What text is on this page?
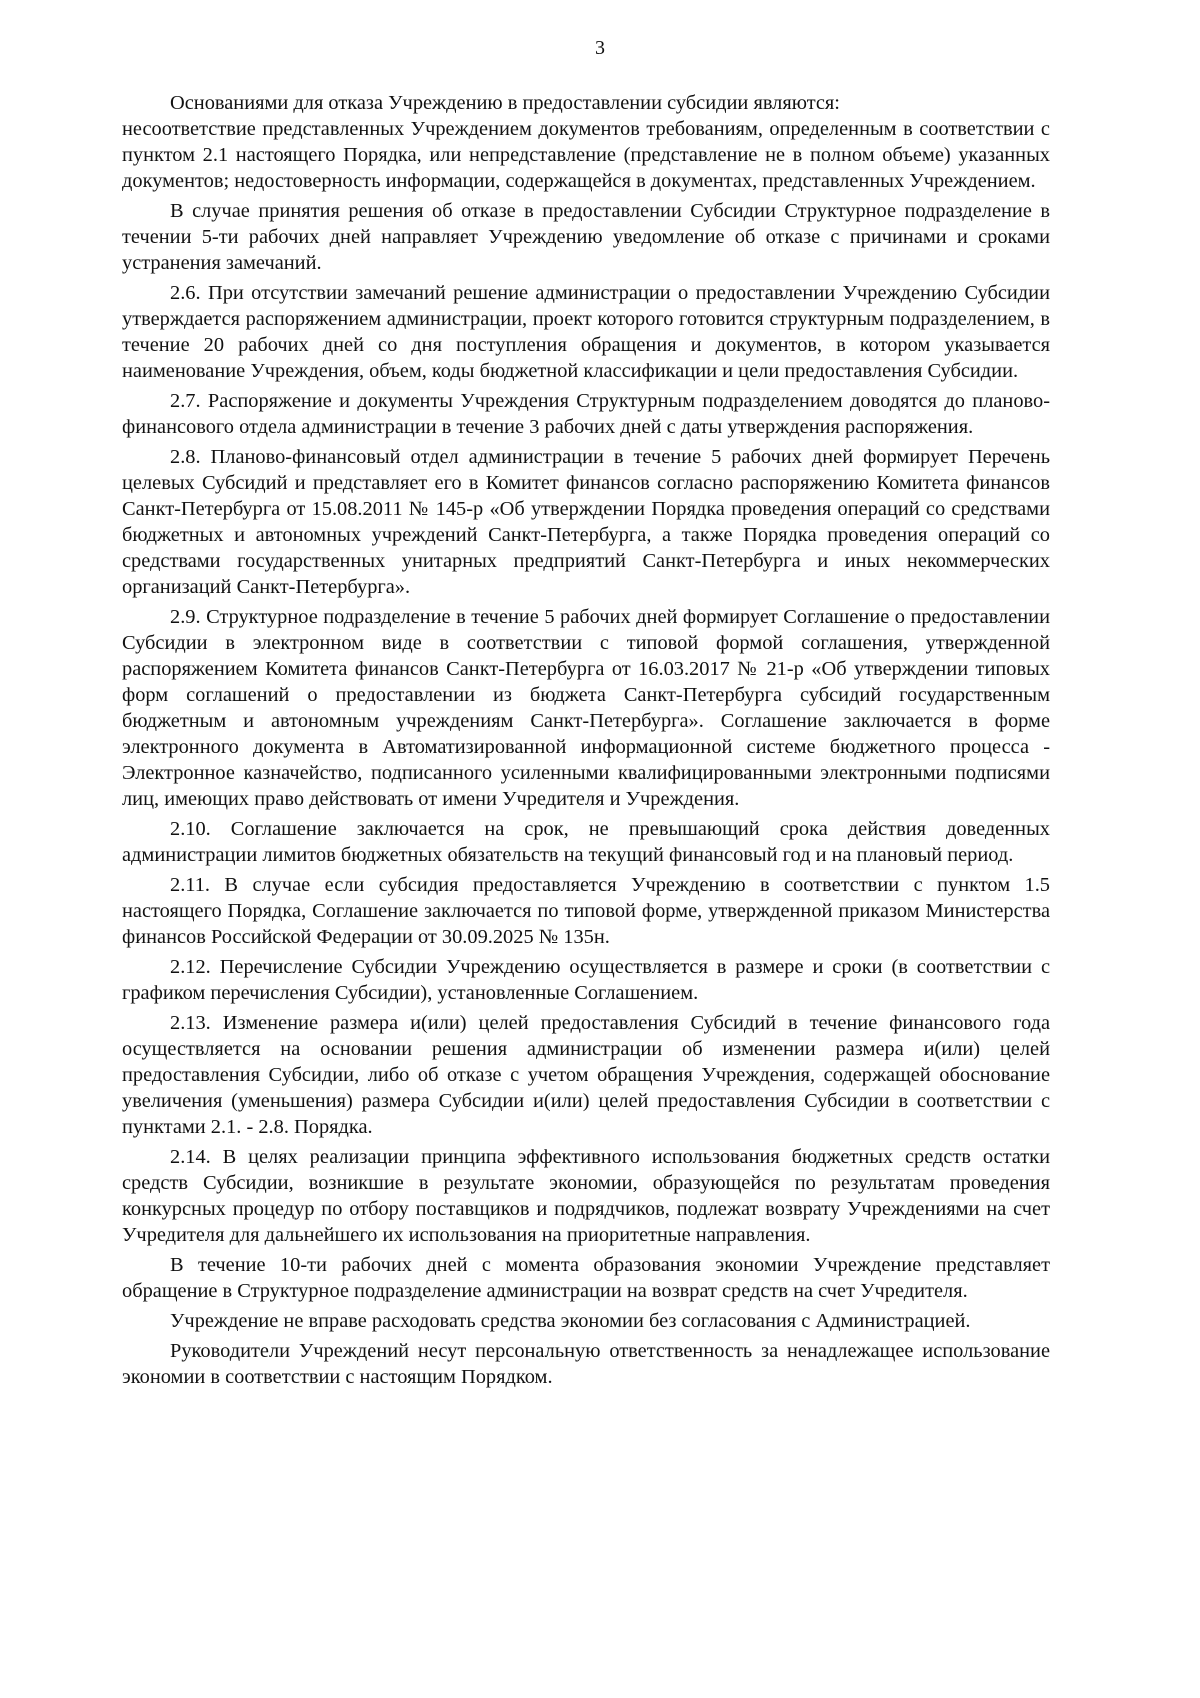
3

Основаниями для отказа Учреждению в предоставлении субсидии являются:

несоответствие представленных Учреждением документов требованиям, определенным в соответствии с пунктом 2.1 настоящего Порядка, или непредставление (представление не в полном объеме) указанных документов; недостоверность информации, содержащейся в документах, представленных Учреждением.

В случае принятия решения об отказе в предоставлении Субсидии Структурное подразделение в течении 5-ти рабочих дней направляет Учреждению уведомление об отказе с причинами и сроками устранения замечаний.

2.6. При отсутствии замечаний решение администрации о предоставлении Учреждению Субсидии утверждается распоряжением администрации, проект которого готовится структурным подразделением, в течение 20 рабочих дней со дня поступления обращения и документов, в котором указывается наименование Учреждения, объем, коды бюджетной классификации и цели предоставления Субсидии.

2.7. Распоряжение и документы Учреждения Структурным подразделением доводятся до планово-финансового отдела администрации в течение 3 рабочих дней с даты утверждения распоряжения.

2.8. Планово-финансовый отдел администрации в течение 5 рабочих дней формирует Перечень целевых Субсидий и представляет его в Комитет финансов согласно распоряжению Комитета финансов Санкт-Петербурга от 15.08.2011 № 145-р «Об утверждении Порядка проведения операций со средствами бюджетных и автономных учреждений Санкт-Петербурга, а также Порядка проведения операций со средствами государственных унитарных предприятий Санкт-Петербурга и иных некоммерческих организаций Санкт-Петербурга».

2.9. Структурное подразделение в течение 5 рабочих дней формирует Соглашение о предоставлении Субсидии в электронном виде в соответствии с типовой формой соглашения, утвержденной распоряжением Комитета финансов Санкт-Петербурга от 16.03.2017 № 21-р «Об утверждении типовых форм соглашений о предоставлении из бюджета Санкт-Петербурга субсидий государственным бюджетным и автономным учреждениям Санкт-Петербурга». Соглашение заключается в форме электронного документа в Автоматизированной информационной системе бюджетного процесса - Электронное казначейство, подписанного усиленными квалифицированными электронными подписями лиц, имеющих право действовать от имени Учредителя и Учреждения.

2.10. Соглашение заключается на срок, не превышающий срока действия доведенных администрации лимитов бюджетных обязательств на текущий финансовый год и на плановый период.

2.11. В случае если субсидия предоставляется Учреждению в соответствии с пунктом 1.5 настоящего Порядка, Соглашение заключается по типовой форме, утвержденной приказом Министерства финансов Российской Федерации от 30.09.2025 № 135н.

2.12. Перечисление Субсидии Учреждению осуществляется в размере и сроки (в соответствии с графиком перечисления Субсидии), установленные Соглашением.

2.13. Изменение размера и(или) целей предоставления Субсидий в течение финансового года осуществляется на основании решения администрации об изменении размера и(или) целей предоставления Субсидии, либо об отказе с учетом обращения Учреждения, содержащей обоснование увеличения (уменьшения) размера Субсидии и(или) целей предоставления Субсидии в соответствии с пунктами 2.1. - 2.8. Порядка.

2.14. В целях реализации принципа эффективного использования бюджетных средств остатки средств Субсидии, возникшие в результате экономии, образующейся по результатам проведения конкурсных процедур по отбору поставщиков и подрядчиков, подлежат возврату Учреждениями на счет Учредителя для дальнейшего их использования на приоритетные направления.

В течение 10-ти рабочих дней с момента образования экономии Учреждение представляет обращение в Структурное подразделение администрации на возврат средств на счет Учредителя.

Учреждение не вправе расходовать средства экономии без согласования с Администрацией.

Руководители Учреждений несут персональную ответственность за ненадлежащее использование экономии в соответствии с настоящим Порядком.
